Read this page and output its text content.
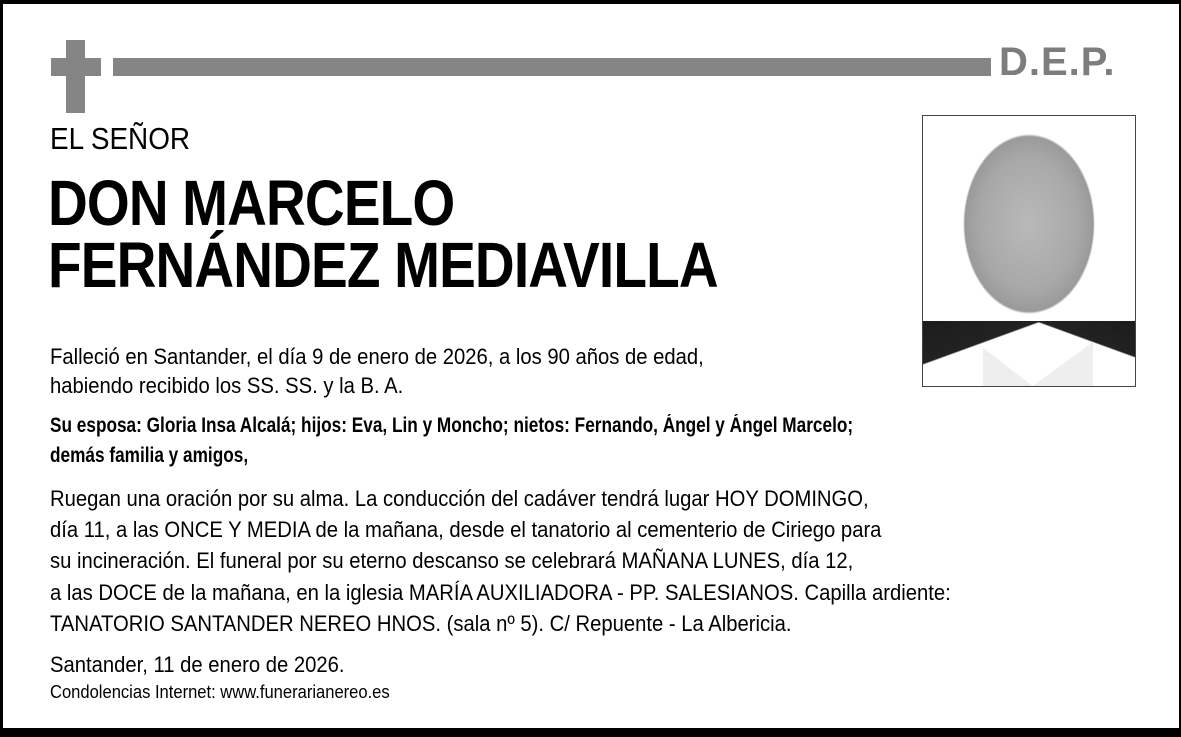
D.E.P.
EL SEÑOR
DON MARCELO
FERNÁNDEZ MEDIAVILLA
Falleció en Santander, el día 9 de enero de 2026, a los 90 años de edad,
habiendo recibido los SS. SS. y la B. A.
Su esposa: Gloria Insa Alcalá; hijos: Eva, Lin y Moncho; nietos: Fernando, Ángel y Ángel Marcelo;
demás familia y amigos,
Ruegan una oración por su alma. La conducción del cadáver tendrá lugar HOY DOMINGO,
día 11, a las ONCE Y MEDIA de la mañana, desde el tanatorio al cementerio de Ciriego para
su incineración. El funeral por su eterno descanso se celebrará MAÑANA LUNES, día 12,
a las DOCE de la mañana, en la iglesia MARÍA AUXILIADORA - PP. SALESIANOS. Capilla ardiente:
TANATORIO SANTANDER NEREO HNOS. (sala nº 5). C/ Repuente - La Albericia.
Santander, 11 de enero de 2026.
Condolencias Internet: www.funerarianereo.es
